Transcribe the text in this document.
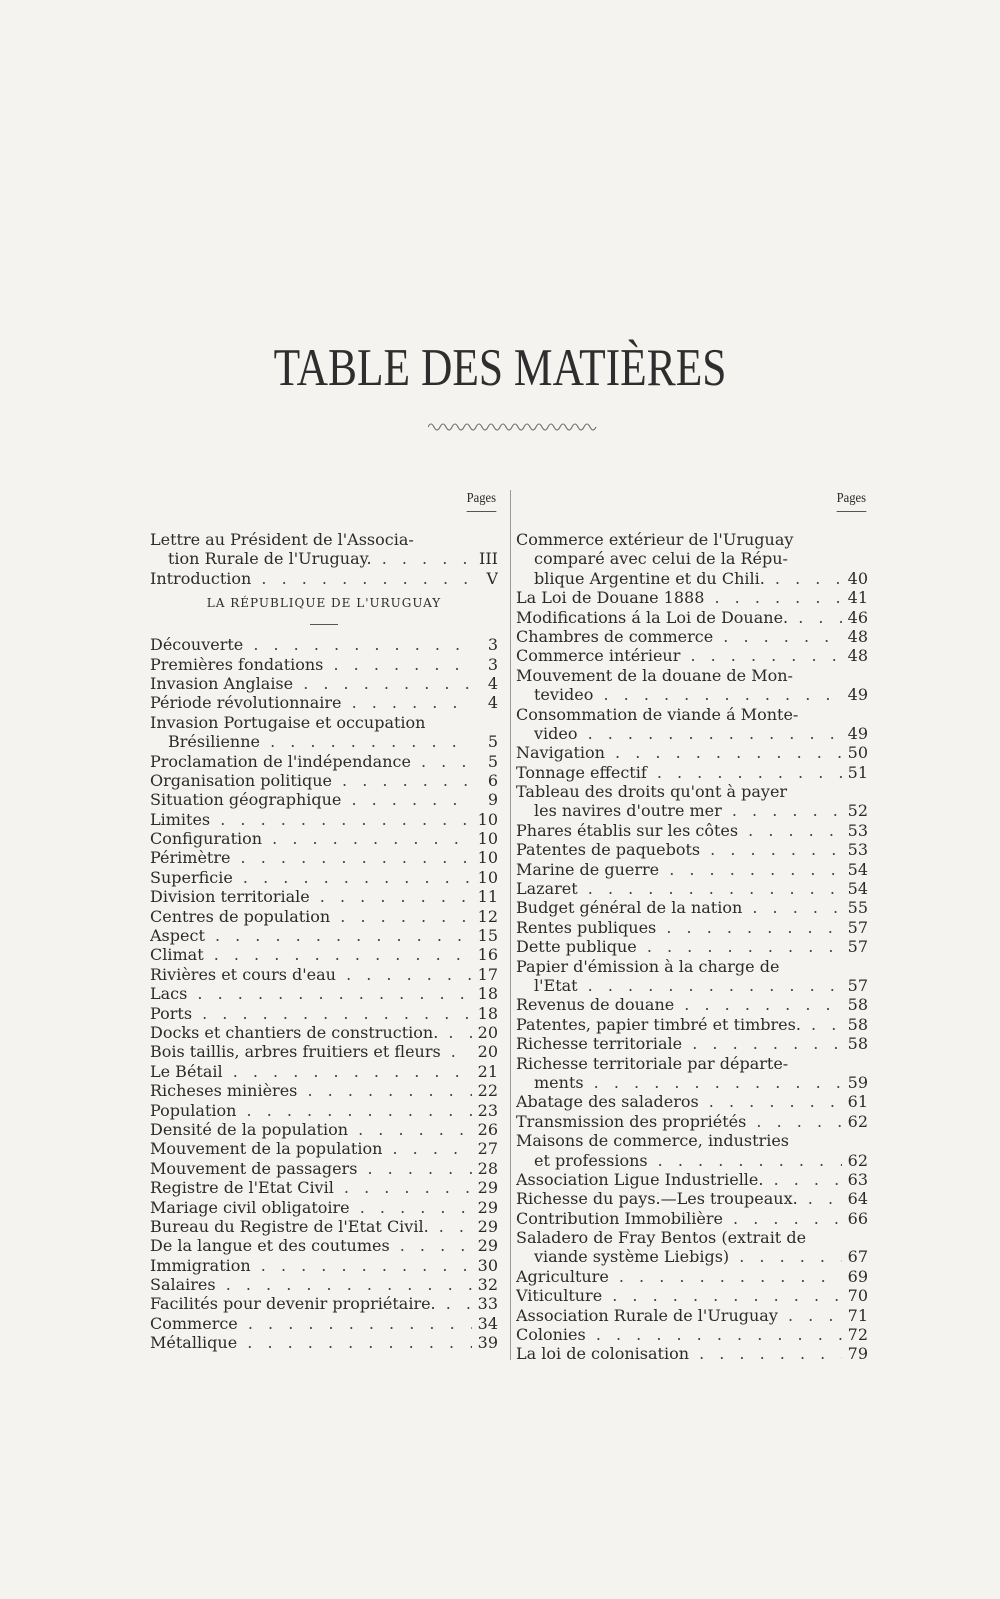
TABLE DES MATIÈRES
Pages
Lettre au Président de l'Associa-
tion Rurale de l'Uruguay. . . .	III
Introduction . . .	V
LA RÉPUBLIQUE DE L'URUGUAY
Découverte . . .	3
Premières fondations . . .	3
Invasion Anglaise . . .	4
Période révolutionnaire . . .	4
Invasion Portugaise et occupation
Brésilienne . . .	5
Proclamation de l'indépendance . . .	5
Organisation politique . . .	6
Situation géographique . . .	9
Limites . . .	10
Configuration . . .	10
Périmètre . . .	10
Superficie . . .	10
Division territoriale . . .	11
Centres de population . . .	12
Aspect . . .	15
Climat . . .	16
Rivières et cours d'eau . . .	17
Lacs . . .	18
Ports . . .	18
Docks et chantiers de construction. . . .	20
Bois taillis, arbres fruitiers et fleurs . . .	20
Le Bétail . . .	21
Richeses minières . . .	22
Population . . .	23
Densité de la population . . .	26
Mouvement de la population . . .	27
Mouvement de passagers . . .	28
Registre de l'Etat Civil . . .	29
Mariage civil obligatoire . . .	29
Bureau du Registre de l'Etat Civil. . . .	29
De la langue et des coutumes . . .	29
Immigration . . .	30
Salaires . . .	32
Facilités pour devenir propriétaire. . . .	33
Commerce . . .	34
Métallique . . .	39
Pages
Commerce extérieur de l'Uruguay
comparé avec celui de la Répu-
blique Argentine et du Chili. . . .	40
La Loi de Douane 1888 . . .	41
Modifications á la Loi de Douane. . . .	46
Chambres de commerce . . .	48
Commerce intérieur . . .	48
Mouvement de la douane de Mon-
tevideo . . .	49
Consommation de viande á Monte-
video . . .	49
Navigation . . .	50
Tonnage effectif . . .	51
Tableau des droits qu'ont à payer
les navires d'outre mer . . .	52
Phares établis sur les côtes . . .	53
Patentes de paquebots . . .	53
Marine de guerre . . .	54
Lazaret . . .	54
Budget général de la nation . . .	55
Rentes publiques . . .	57
Dette publique . . .	57
Papier d'émission à la charge de
l'Etat . . .	57
Revenus de douane . . .	58
Patentes, papier timbré et timbres. . . .	58
Richesse territoriale . . .	58
Richesse territoriale par départe-
ments . . .	59
Abatage des saladeros . . .	61
Transmission des propriétés . . .	62
Maisons de commerce, industries
et professions . . .	62
Association Ligue Industrielle. . . .	63
Richesse du pays.—Les troupeaux. . . .	64
Contribution Immobilière . . .	66
Saladero de Fray Bentos (extrait de
viande système Liebigs) . . .	67
Agriculture . . .	69
Viticulture . . .	70
Association Rurale de l'Uruguay . . .	71
Colonies . . .	72
La loi de colonisation . . .	79
